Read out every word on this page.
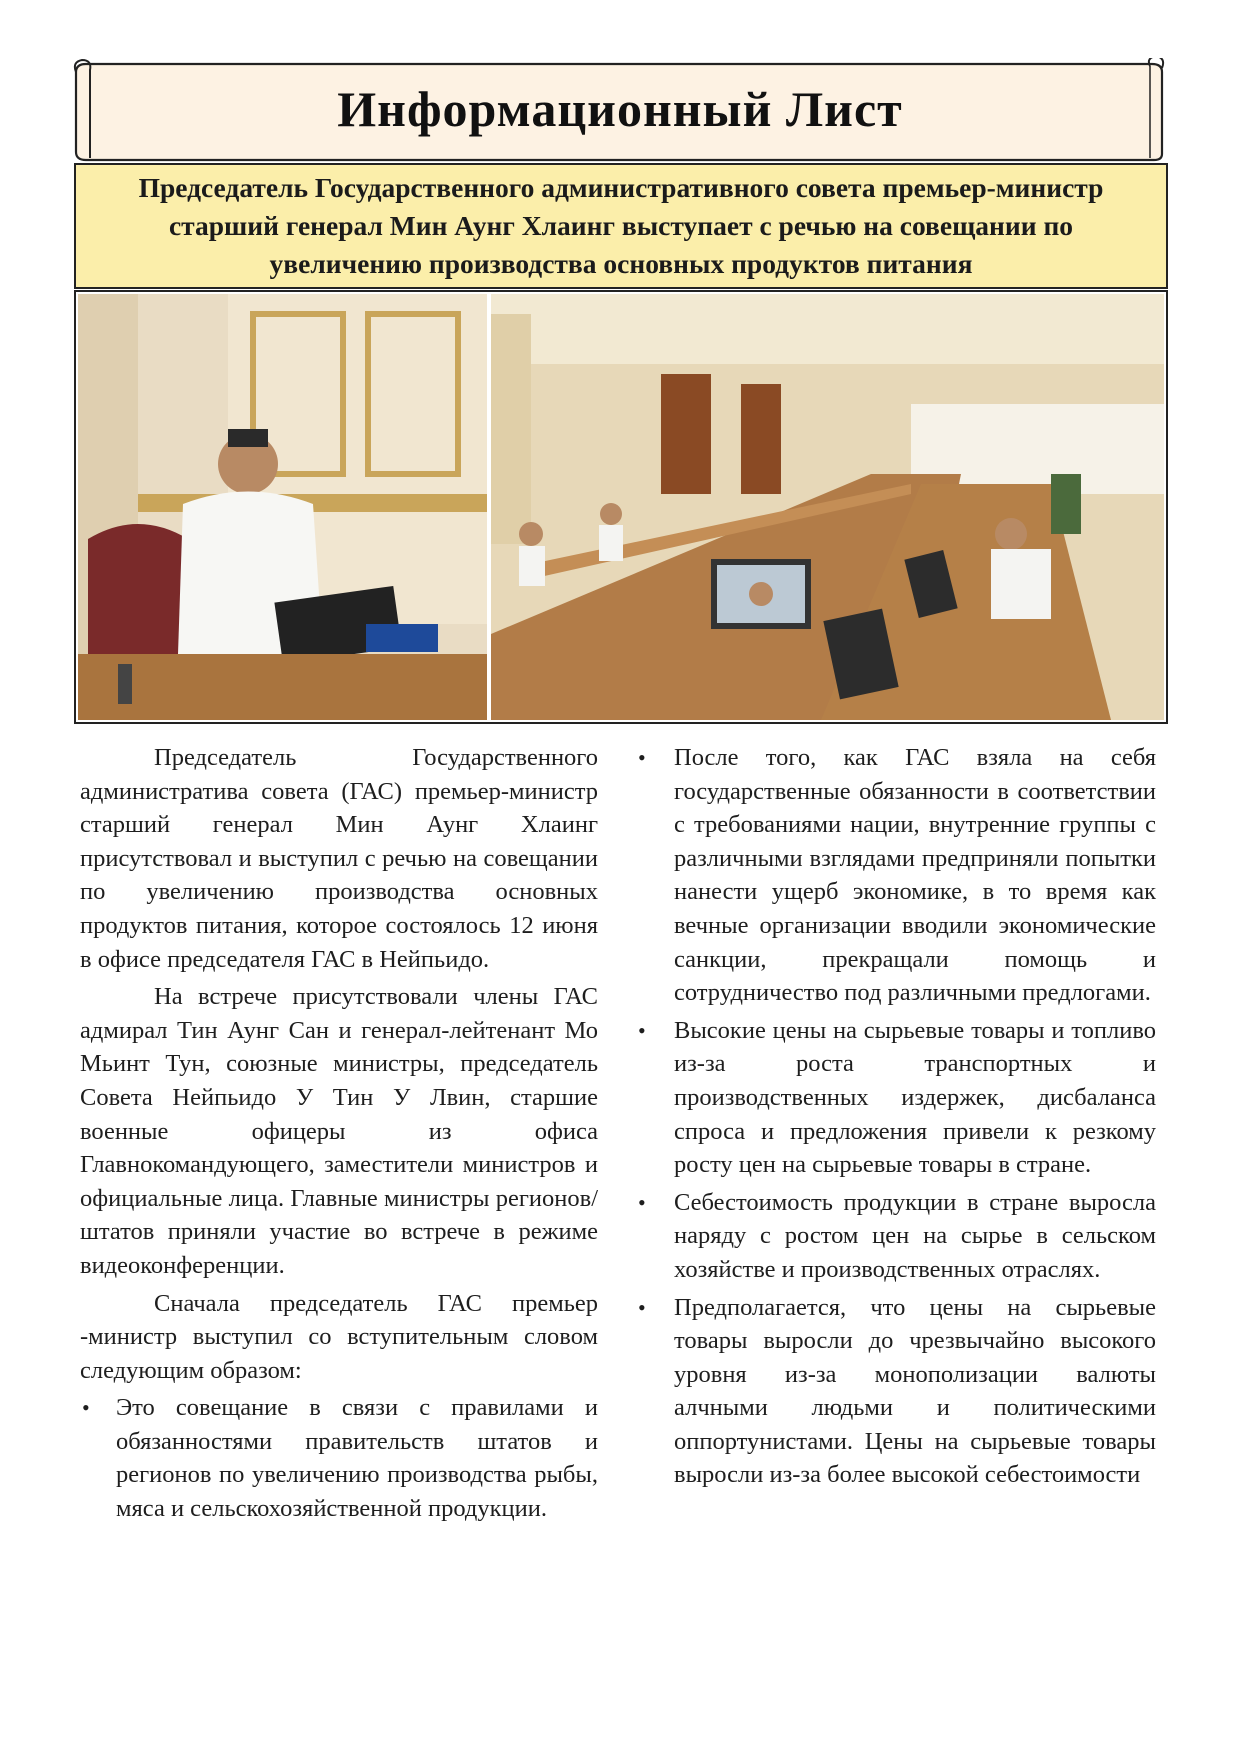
Информационный Лист
Председатель Государственного административного совета премьер-министр старший генерал Мин Аунг Хлаинг выступает с речью на совещании по увеличению производства основных продуктов питания

Председатель Государственного административа совета (ГАС) премьер-министр старший генерал Мин Аунг Хлаинг присутствовал и выступил с речью на совещании по увеличению производства основных продуктов питания, которое состоялось 12 июня в офисе председателя ГАС в Нейпьидо.

На встрече присутствовали члены ГАС адмирал Тин Аунг Сан и генерал-лейтенант Мо Мьинт Тун, союзные министры, председатель Совета Нейпьидо У Тин У Лвин, старшие военные офицеры из офиса Главнокомандующего, заместители министров и официальные лица. Главные министры регионов/штатов приняли участие во встрече в режиме видеоконференции.

Сначала председатель ГАС премьер -министр выступил со вступительным словом следующим образом:

• Это совещание в связи с правилами и обязанностями правительств штатов и регионов по увеличению производства рыбы, мяса и сельскохозяйственной продукции.
• После того, как ГАС взяла на себя государственные обязанности в соответствии с требованиями нации, внутренние группы с различными взглядами предприняли попытки нанести ущерб экономике, в то время как вечные организации вводили экономические санкции, прекращали помощь и сотрудничество под различными предлогами.
• Высокие цены на сырьевые товары и топливо из-за роста транспортных и производственных издержек, дисбаланса спроса и предложения привели к резкому росту цен на сырьевые товары в стране.
• Себестоимость продукции в стране выросла наряду с ростом цен на сырье в сельском хозяйстве и производственных отраслях.
• Предполагается, что цены на сырьевые товары выросли до чрезвычайно высокого уровня из-за монополизации валюты алчными людьми и политическими оппортунистами. Цены на сырьевые товары выросли из-за более высокой себестоимости
